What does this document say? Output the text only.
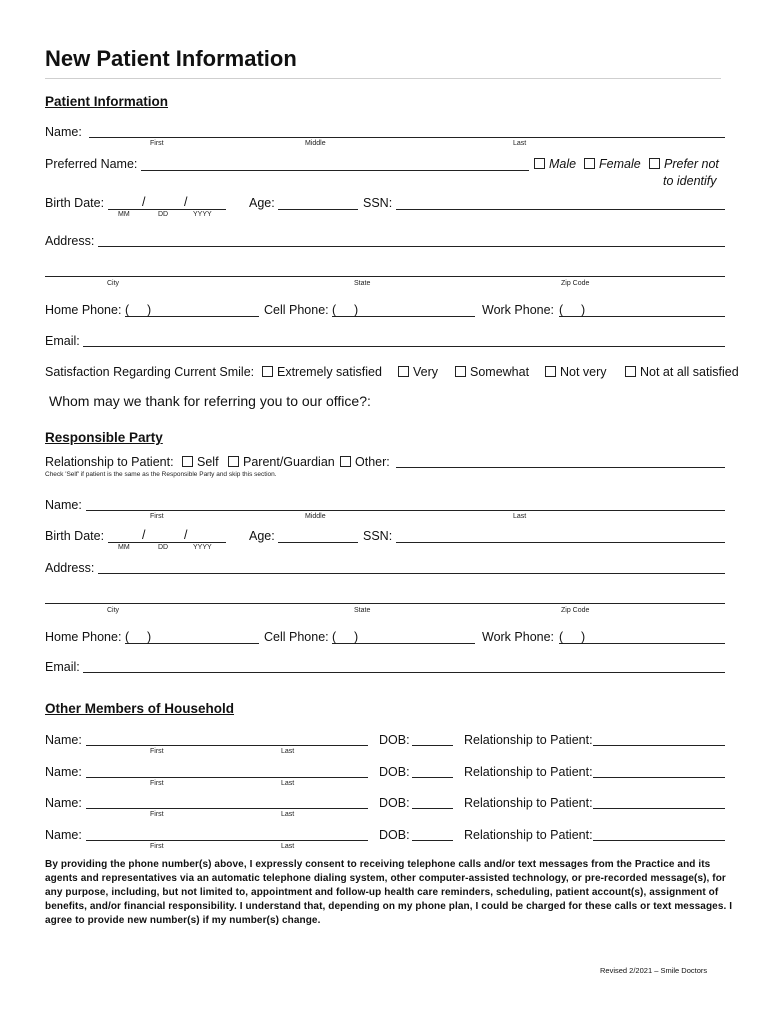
New Patient Information
Patient Information
Name:
First	Middle	Last
Preferred Name:	Male	Female	Prefer not
to identify
Birth Date:	/	/
MM	DD	YYYY
Age:	SSN:
Address:
City	State	Zip Code
Home Phone: ( )	Cell Phone: ( )	Work Phone: ( )
Email:
Satisfaction Regarding Current Smile:	Extremely satisfied	Very	Somewhat	Not very	Not at all satisfied
Whom may we thank for referring you to our office?:
Responsible Party
Relationship to Patient:	Self	Parent/Guardian	Other:
Check 'Self' if patient is the same as the Responsible Party and skip this section.
Name:
First	Middle	Last
Birth Date:	/	/
MM	DD	YYYY
Age:	SSN:
Address:
City	State	Zip Code
Home Phone: ( )	Cell Phone: ( )	Work Phone: ( )
Email:
Other Members of Household
Name:
First	Last
DOB:	Relationship to Patient:
Name:
First	Last
DOB:	Relationship to Patient:
Name:
First	Last
DOB:	Relationship to Patient:
Name:
First	Last
DOB:	Relationship to Patient:
By providing the phone number(s) above, I expressly consent to receiving telephone calls and/or text messages from the Practice and its agents and representatives via an automatic telephone dialing system, other computer-assisted technology, or pre-recorded message(s), for any purpose, including, but not limited to, appointment and follow-up health care reminders, scheduling, patient account(s), assignment of benefits, and/or financial responsibility. I understand that, depending on my phone plan, I could be charged for these calls or text messages. I agree to provide new number(s) if my number(s) change.
Revised 2/2021 – Smile Doctors
